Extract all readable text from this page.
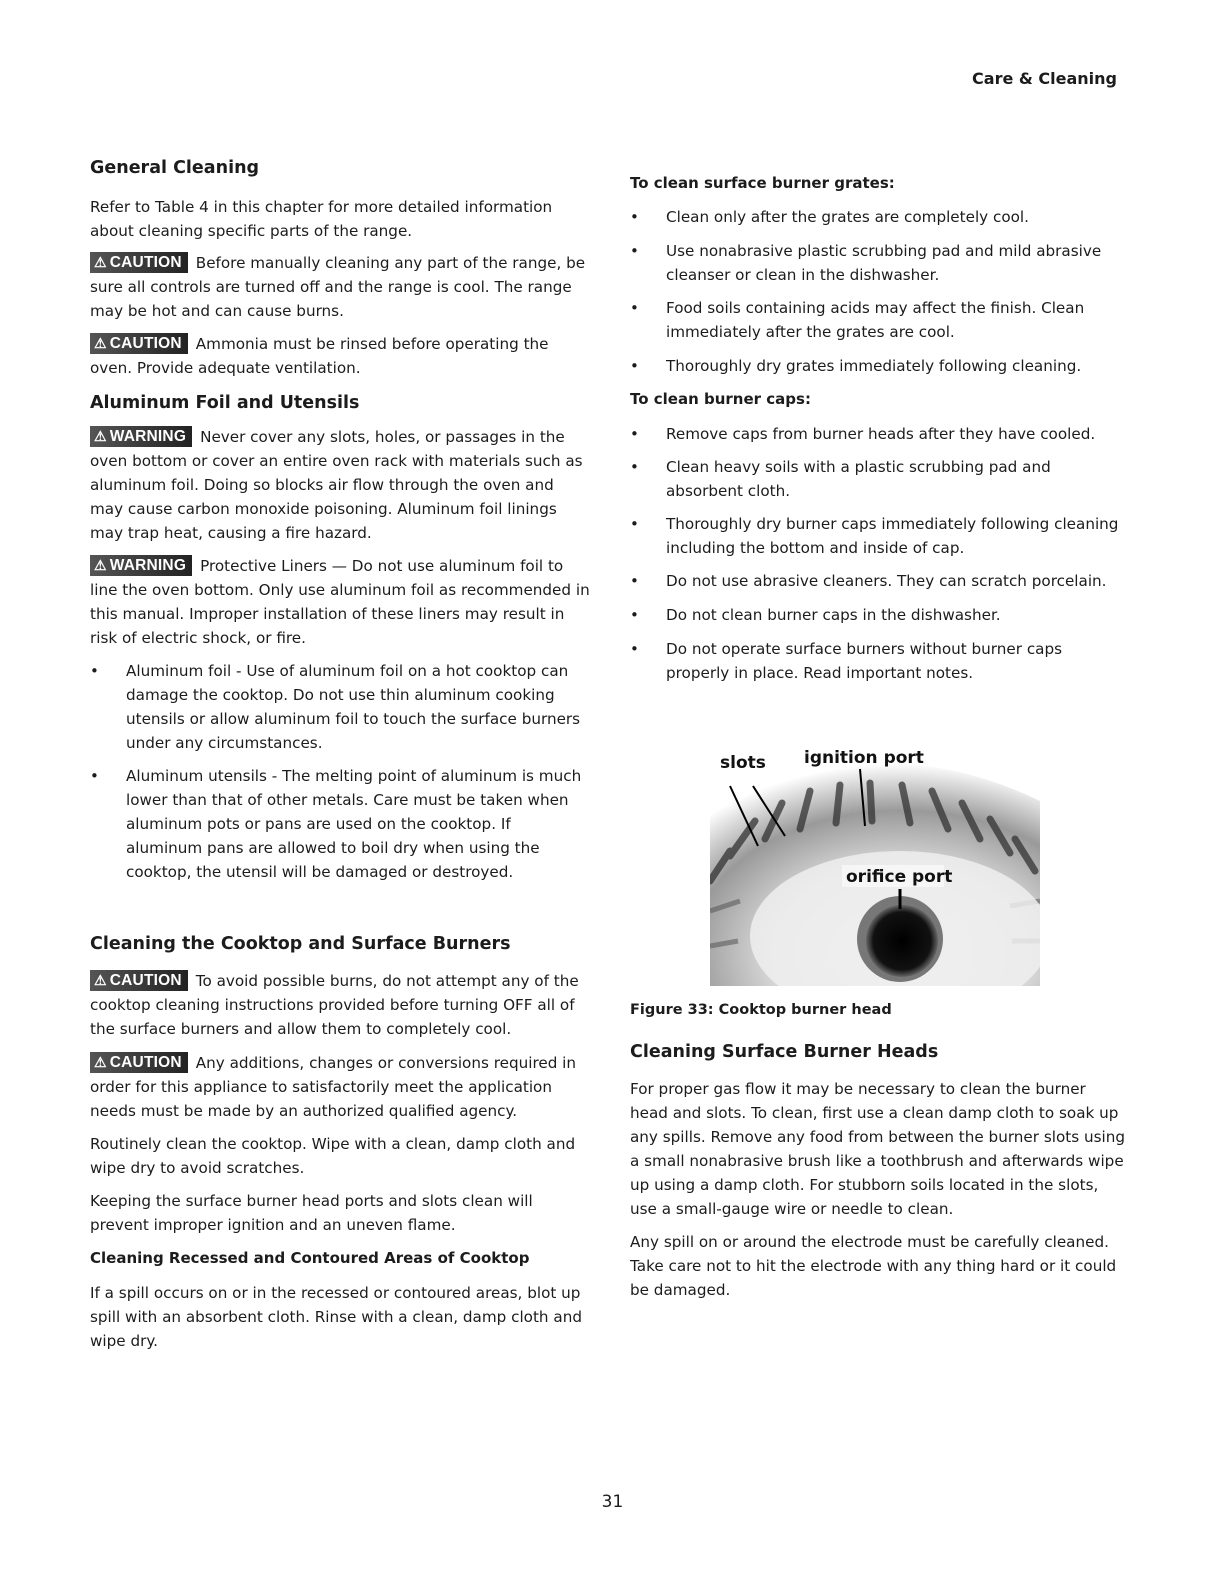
Care & Cleaning
General Cleaning

Refer to Table 4 in this chapter for more detailed information about cleaning specific parts of the range.

⚠ CAUTION Before manually cleaning any part of the range, be sure all controls are turned off and the range is cool. The range may be hot and can cause burns.

⚠ CAUTION Ammonia must be rinsed before operating the oven. Provide adequate ventilation.

Aluminum Foil and Utensils

⚠ WARNING Never cover any slots, holes, or passages in the oven bottom or cover an entire oven rack with materials such as aluminum foil. Doing so blocks air flow through the oven and may cause carbon monoxide poisoning. Aluminum foil linings may trap heat, causing a fire hazard.

⚠ WARNING Protective Liners — Do not use aluminum foil to line the oven bottom. Only use aluminum foil as recommended in this manual. Improper installation of these liners may result in risk of electric shock, or fire.

• Aluminum foil - Use of aluminum foil on a hot cooktop can damage the cooktop. Do not use thin aluminum cooking utensils or allow aluminum foil to touch the surface burners under any circumstances.

• Aluminum utensils - The melting point of aluminum is much lower than that of other metals. Care must be taken when aluminum pots or pans are used on the cooktop. If aluminum pans are allowed to boil dry when using the cooktop, the utensil will be damaged or destroyed.

Cleaning the Cooktop and Surface Burners

⚠ CAUTION To avoid possible burns, do not attempt any of the cooktop cleaning instructions provided before turning OFF all of the surface burners and allow them to completely cool.

⚠ CAUTION Any additions, changes or conversions required in order for this appliance to satisfactorily meet the application needs must be made by an authorized qualified agency.

Routinely clean the cooktop. Wipe with a clean, damp cloth and wipe dry to avoid scratches.

Keeping the surface burner head ports and slots clean will prevent improper ignition and an uneven flame.

Cleaning Recessed and Contoured Areas of Cooktop

If a spill occurs on or in the recessed or contoured areas, blot up spill with an absorbent cloth. Rinse with a clean, damp cloth and wipe dry.

To clean surface burner grates:
• Clean only after the grates are completely cool.

• Use nonabrasive plastic scrubbing pad and mild abrasive cleanser or clean in the dishwasher.

• Food soils containing acids may affect the finish. Clean immediately after the grates are cool.

• Thoroughly dry grates immediately following cleaning.

To clean burner caps:
• Remove caps from burner heads after they have cooled.

• Clean heavy soils with a plastic scrubbing pad and absorbent cloth.

• Thoroughly dry burner caps immediately following cleaning including the bottom and inside of cap.

• Do not use abrasive cleaners. They can scratch porcelain.

• Do not clean burner caps in the dishwasher.

• Do not operate surface burners without burner caps properly in place. Read important notes.

Cleaning Surface Burner Heads

For proper gas flow it may be necessary to clean the burner head and slots. To clean, first use a clean damp cloth to soak up any spills. Remove any food from between the burner slots using a small nonabrasive brush like a toothbrush and afterwards wipe up using a damp cloth. For stubborn soils located in the slots, use a small-gauge wire or needle to clean.

Any spill on or around the electrode must be carefully cleaned. Take care not to hit the electrode with any thing hard or it could be damaged.

slots ignition port
orifice port
Figure 33: Cooktop burner head
31
